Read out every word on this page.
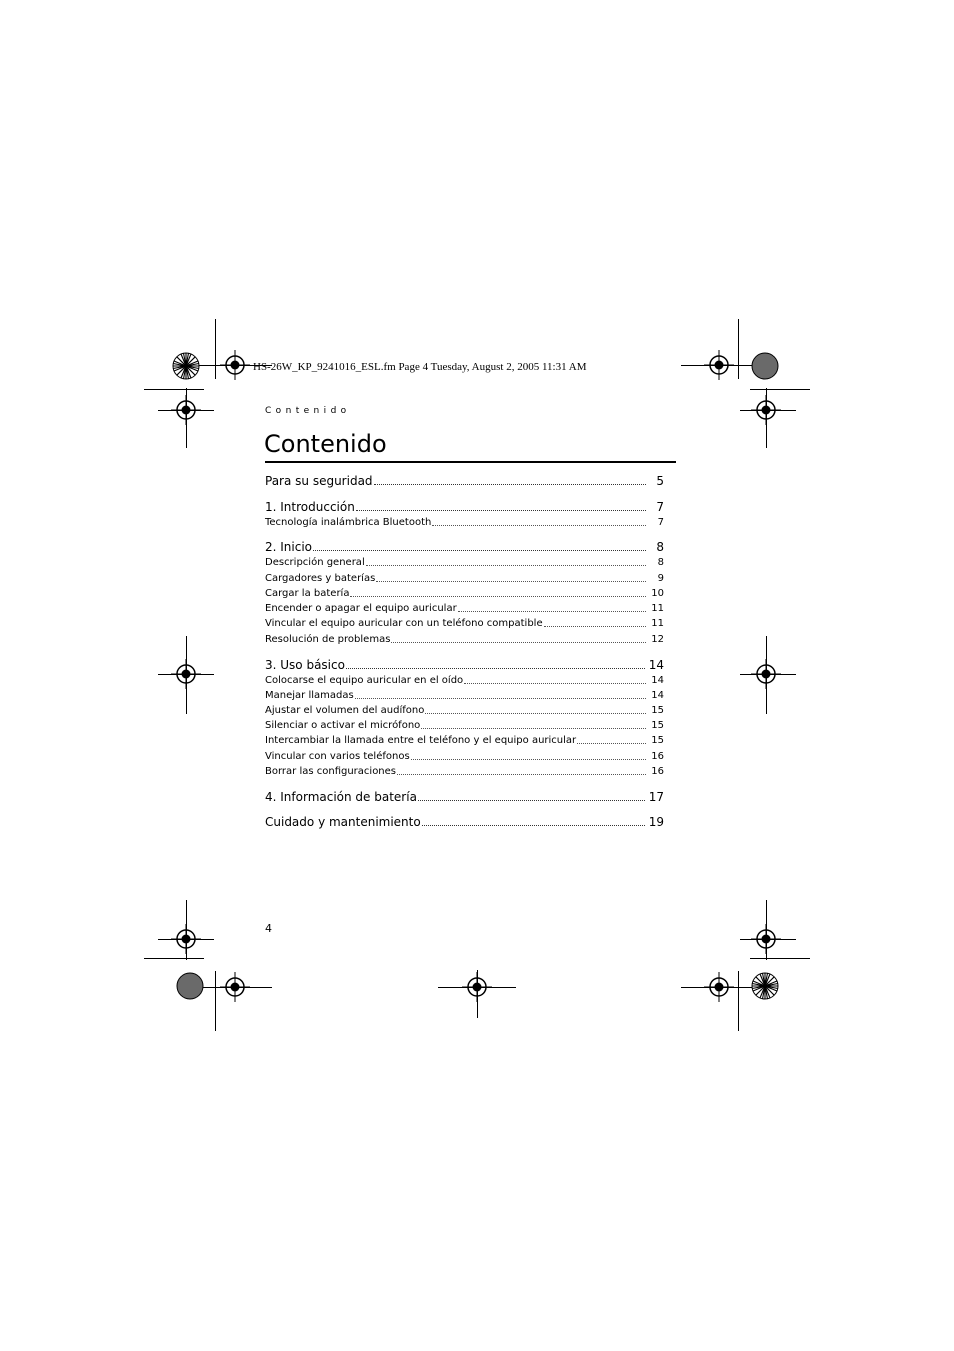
HS-26W_KP_9241016_ESL.fm Page 4 Tuesday, August 2, 2005 11:31 AM
Contenido
Contenido
Para su seguridad	5
1. Introducción	7
Tecnología inalámbrica Bluetooth	7
2. Inicio	8
Descripción general	8
Cargadores y baterías	9
Cargar la batería	10
Encender o apagar el equipo auricular	11
Vincular el equipo auricular con un teléfono compatible	11
Resolución de problemas	12
3. Uso básico	14
Colocarse el equipo auricular en el oído	14
Manejar llamadas	14
Ajustar el volumen del audífono	15
Silenciar o activar el micrófono	15
Intercambiar la llamada entre el teléfono y el equipo auricular	15
Vincular con varios teléfonos	16
Borrar las configuraciones	16
4. Información de batería	17
Cuidado y mantenimiento	19
4
